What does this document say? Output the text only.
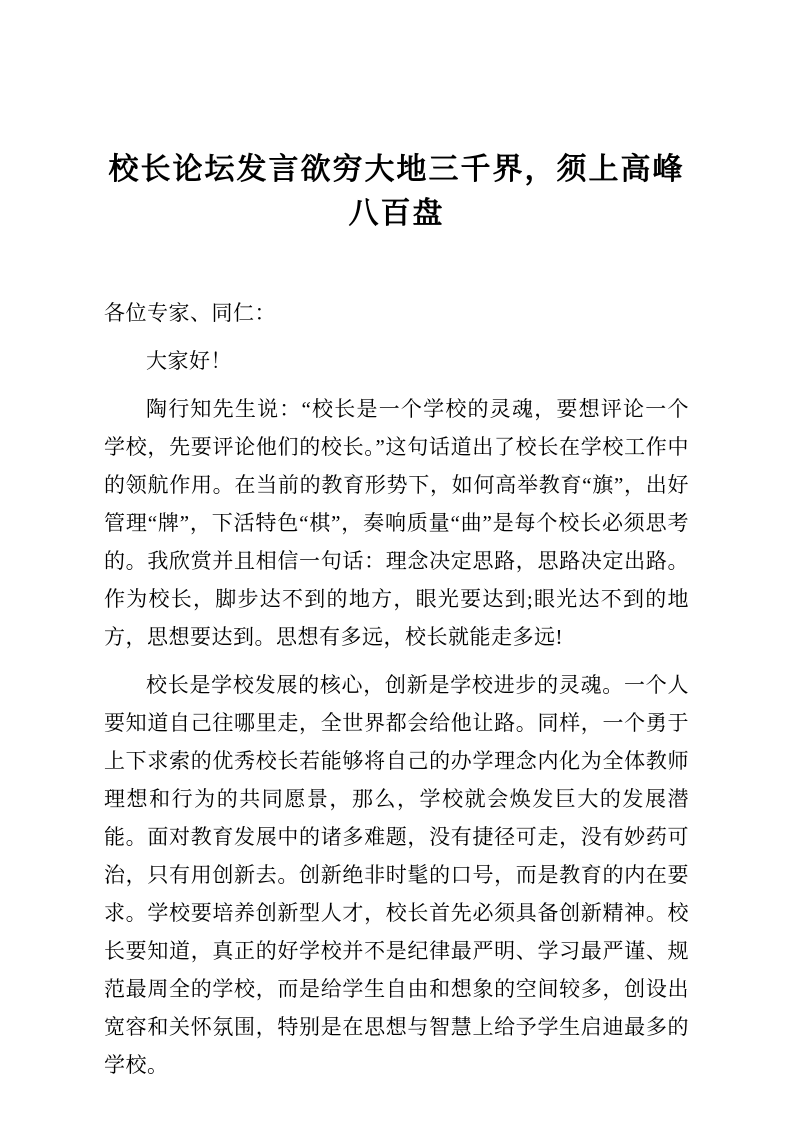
校长论坛发言欲穷大地三千界，须上高峰八百盘

各位专家、同仁：

大家好！

陶行知先生说：“校长是一个学校的灵魂，要想评论一个学校，先要评论他们的校长。”这句话道出了校长在学校工作中的领航作用。在当前的教育形势下，如何高举教育“旗”，出好管理“牌”，下活特色“棋”，奏响质量“曲”是每个校长必须思考的。我欣赏并且相信一句话：理念决定思路，思路决定出路。作为校长，脚步达不到的地方，眼光要达到;眼光达不到的地方，思想要达到。思想有多远，校长就能走多远!

校长是学校发展的核心，创新是学校进步的灵魂。一个人要知道自己往哪里走，全世界都会给他让路。同样，一个勇于上下求索的优秀校长若能够将自己的办学理念内化为全体教师理想和行为的共同愿景，那么，学校就会焕发巨大的发展潜能。面对教育发展中的诸多难题，没有捷径可走，没有妙药可治，只有用创新去。创新绝非时髦的口号，而是教育的内在要求。学校要培养创新型人才，校长首先必须具备创新精神。校长要知道，真正的好学校并不是纪律最严明、学习最严谨、规范最周全的学校，而是给学生自由和想象的空间较多，创设出宽容和关怀氛围，特别是在思想与智慧上给予学生启迪最多的学校。
